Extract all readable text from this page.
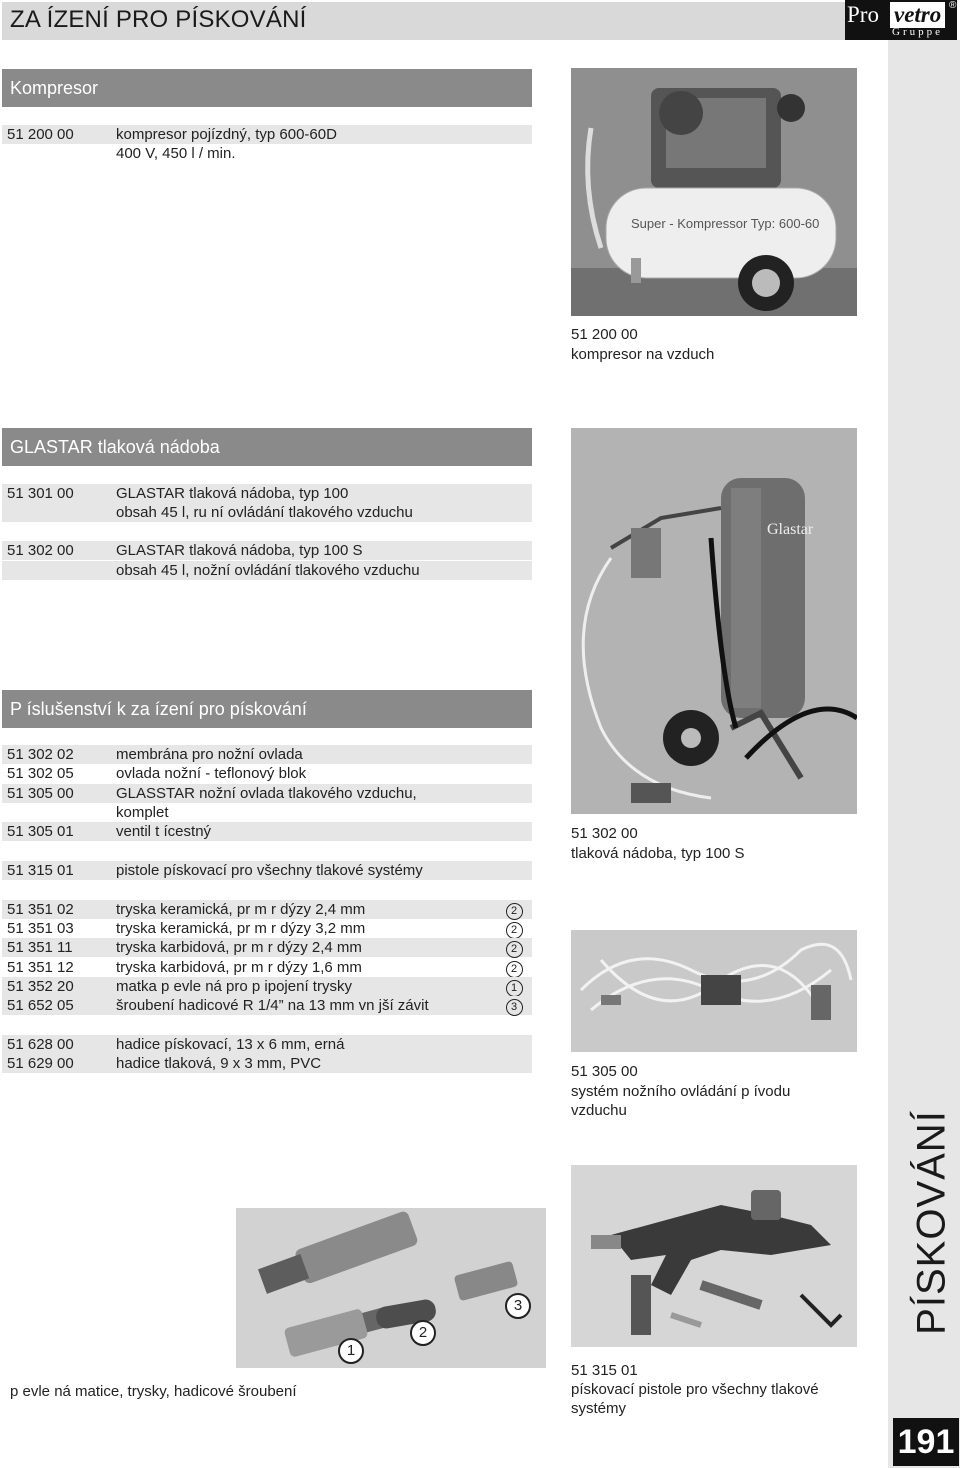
ZA ÍZENÍ PRO PÍSKOVÁNÍ	Pro vetro
Gruppe
®
PÍSKOVÁNÍ
191
Kompresor
51 200 00	kompresor pojízdný, typ 600-60D
400 V, 450 l / min.
Super - Kompressor Typ: 600-60
51 200 00
kompresor na vzduch
GLASTAR tlaková nádoba
51 301 00	GLASTAR tlaková nádoba, typ 100
obsah 45 l, ru ní ovládání tlakového vzduchu
51 302 00	GLASTAR tlaková nádoba, typ 100 S
obsah 45 l, nožní ovládání tlakového vzduchu
Glastar
51 302 00
tlaková nádoba, typ 100 S
P íslušenství k za ízení pro pískování
51 302 02	membrána pro nožní ovlada
51 302 05	ovlada nožní - teflonový blok
51 305 00	GLASSTAR nožní ovlada tlakového vzduchu,
komplet
51 305 01	ventil t ícestný
51 315 01	pistole pískovací pro všechny tlakové systémy
51 351 02	tryska keramická, pr m r dýzy 2,4 mm	2
51 351 03	tryska keramická, pr m r dýzy 3,2 mm	2
51 351 11	tryska karbidová, pr m r dýzy 2,4 mm	2
51 351 12	tryska karbidová, pr m r dýzy 1,6 mm	2
51 352 20	matka p evle ná pro p ipojení trysky	1
51 652 05	šroubení hadicové R 1/4” na 13 mm vn jší závit	3
51 628 00	hadice pískovací, 13 x 6 mm, erná
51 629 00	hadice tlaková, 9 x 3 mm, PVC	51 305 00
systém nožního ovládání p ívodu
vzduchu
1
2
3
p evle ná matice, trysky, hadicové šroubení
51 315 01
pískovací pistole pro všechny tlakové
systémy
